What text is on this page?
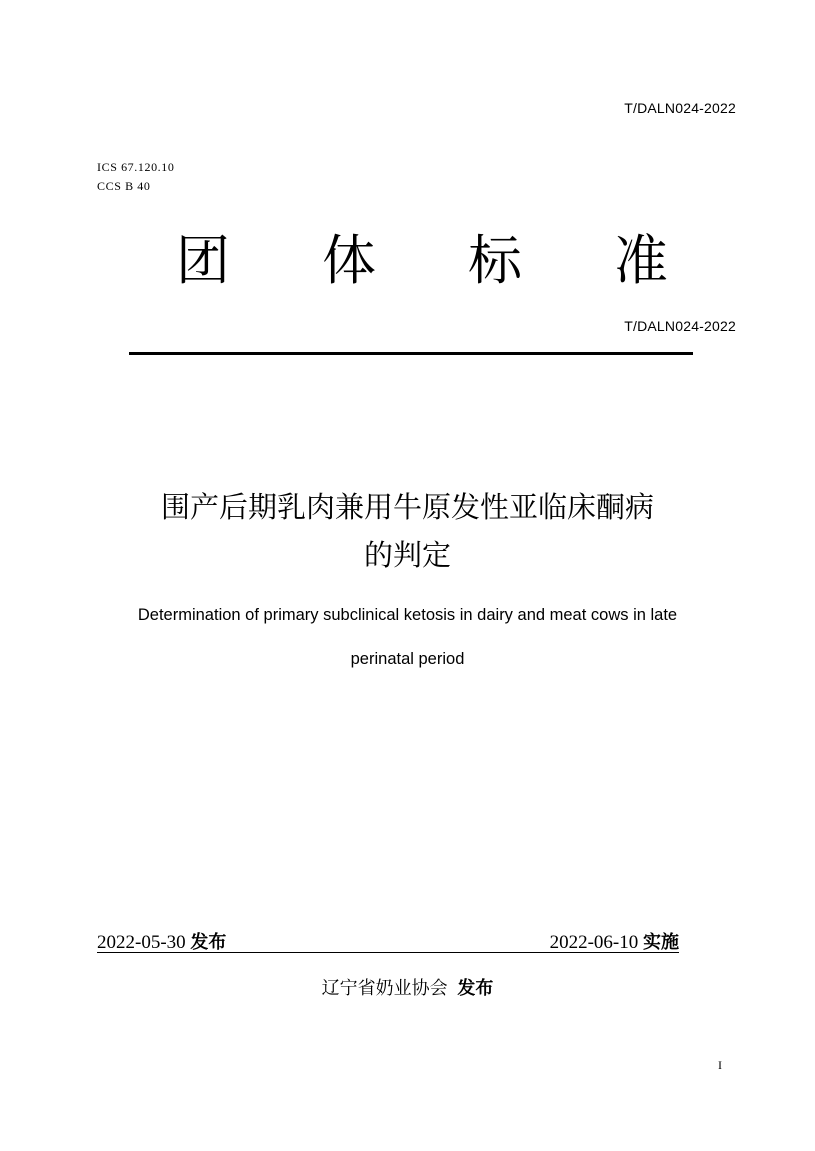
T/DALN024-2022
ICS 67.120.10
CCS B 40
团 体 标 准
T/DALN024-2022
围产后期乳肉兼用牛原发性亚临床酮病
的判定
Determination of primary subclinical ketosis in dairy and meat cows in late
perinatal period
2022-05-30 发布	2022-06-10 实施
辽宁省奶业协会 发布
I
